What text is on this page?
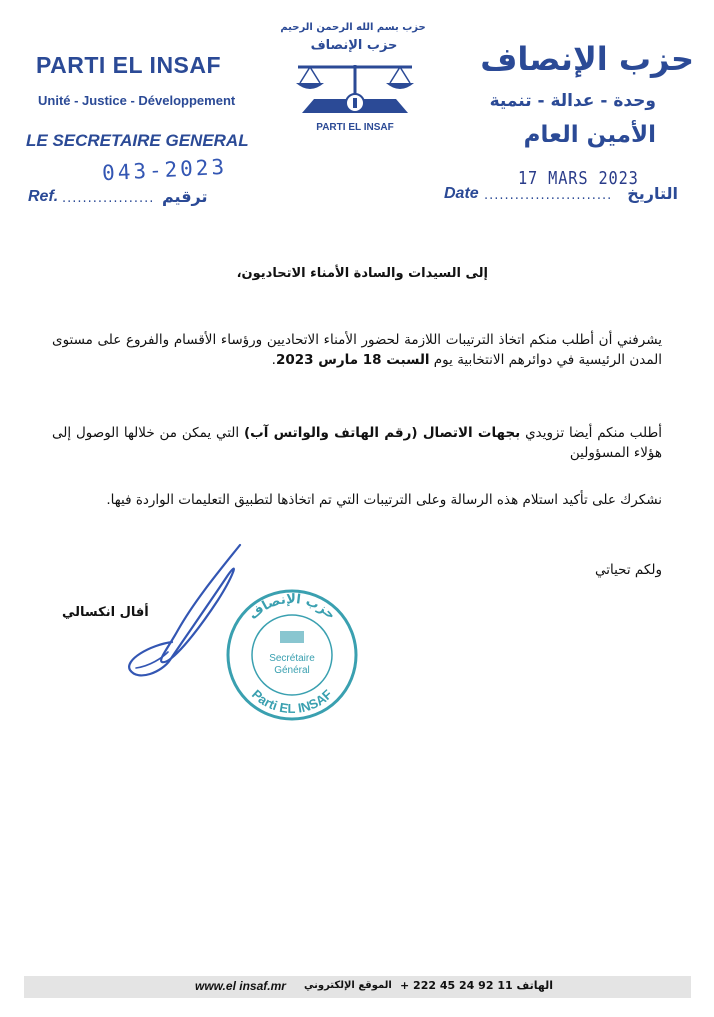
حزب بسم الله الرحمن الرحيم
PARTI EL INSAF
Unité - Justice - Développement
LE SECRETAIRE GENERAL
حزب الإنصاف
PARTI EL INSAF
حزب الإنصاف
وحدة - عدالة - تنمية
الأمين العام
Ref. .................. ترقيم
043-2023
Date ......................... التاريخ
17 MARS 2023
إلى السيدات والسادة الأمناء الاتحاديون،
يشرفني أن أطلب منكم اتخاذ الترتيبات اللازمة لحضور الأمناء الاتحاديين ورؤساء الأقسام والفروع على مستوى المدن الرئيسية في دوائرهم الانتخابية يوم السبت 18 مارس 2023.
أطلب منكم أيضا تزويدي بجهات الاتصال (رقم الهاتف والواتس آب) التي يمكن من خلالها الوصول إلى هؤلاء المسؤولين
نشكرك على تأكيد استلام هذه الرسالة وعلى الترتيبات التي تم اتخاذها لتطبيق التعليمات الواردة فيها.
ولكم تحياتي
أفال انكسالي	حزب الإنصاف
Parti EL INSAF
Secrétaire
Général
www.el insaf.mr الموقع الإلكتروني الهاتف 11 92 24 45 222 +
